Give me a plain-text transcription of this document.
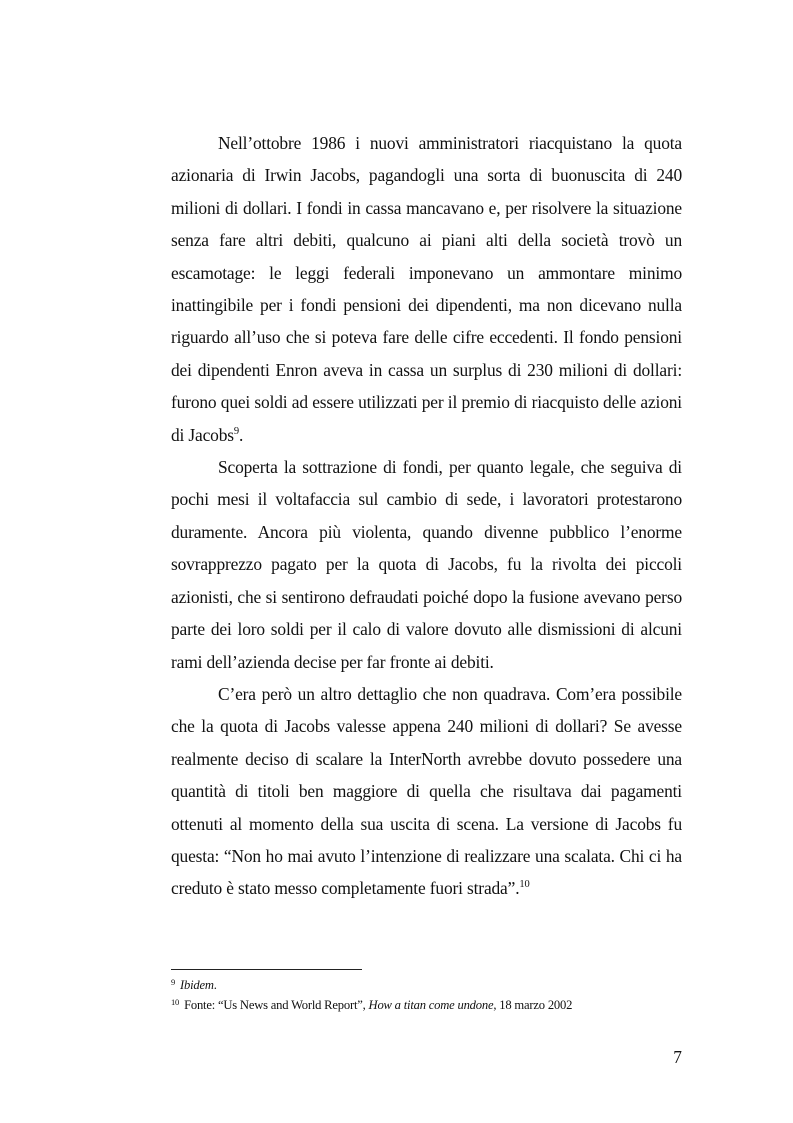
Nell’ottobre 1986 i nuovi amministratori riacquistano la quota azionaria di Irwin Jacobs, pagandogli una sorta di buonuscita di 240 milioni di dollari. I fondi in cassa mancavano e, per risolvere la situazione senza fare altri debiti, qualcuno ai piani alti della società trovò un escamotage: le leggi federali imponevano un ammontare minimo inattingibile per i fondi pensioni dei dipendenti, ma non dicevano nulla riguardo all’uso che si poteva fare delle cifre eccedenti. Il fondo pensioni dei dipendenti Enron aveva in cassa un surplus di 230 milioni di dollari: furono quei soldi ad essere utilizzati per il premio di riacquisto delle azioni di Jacobs$^9$.

Scoperta la sottrazione di fondi, per quanto legale, che seguiva di pochi mesi il voltafaccia sul cambio di sede, i lavoratori protestarono duramente. Ancora più violenta, quando divenne pubblico l’enorme sovrapprezzo pagato per la quota di Jacobs, fu la rivolta dei piccoli azionisti, che si sentirono defraudati poiché dopo la fusione avevano perso parte dei loro soldi per il calo di valore dovuto alle dismissioni di alcuni rami dell’azienda decise per far fronte ai debiti.

C’era però un altro dettaglio che non quadrava. Com’era possibile che la quota di Jacobs valesse appena 240 milioni di dollari? Se avesse realmente deciso di scalare la InterNorth avrebbe dovuto possedere una quantità di titoli ben maggiore di quella che risultava dai pagamenti ottenuti al momento della sua uscita di scena. La versione di Jacobs fu questa: “Non ho mai avuto l’intenzione di realizzare una scalata. Chi ci ha creduto è stato messo completamente fuori strada”.$^{10}$

$^9$ Ibidem.
$^{10}$ Fonte: “Us News and World Report”, How a titan come undone, 18 marzo 2002
7
